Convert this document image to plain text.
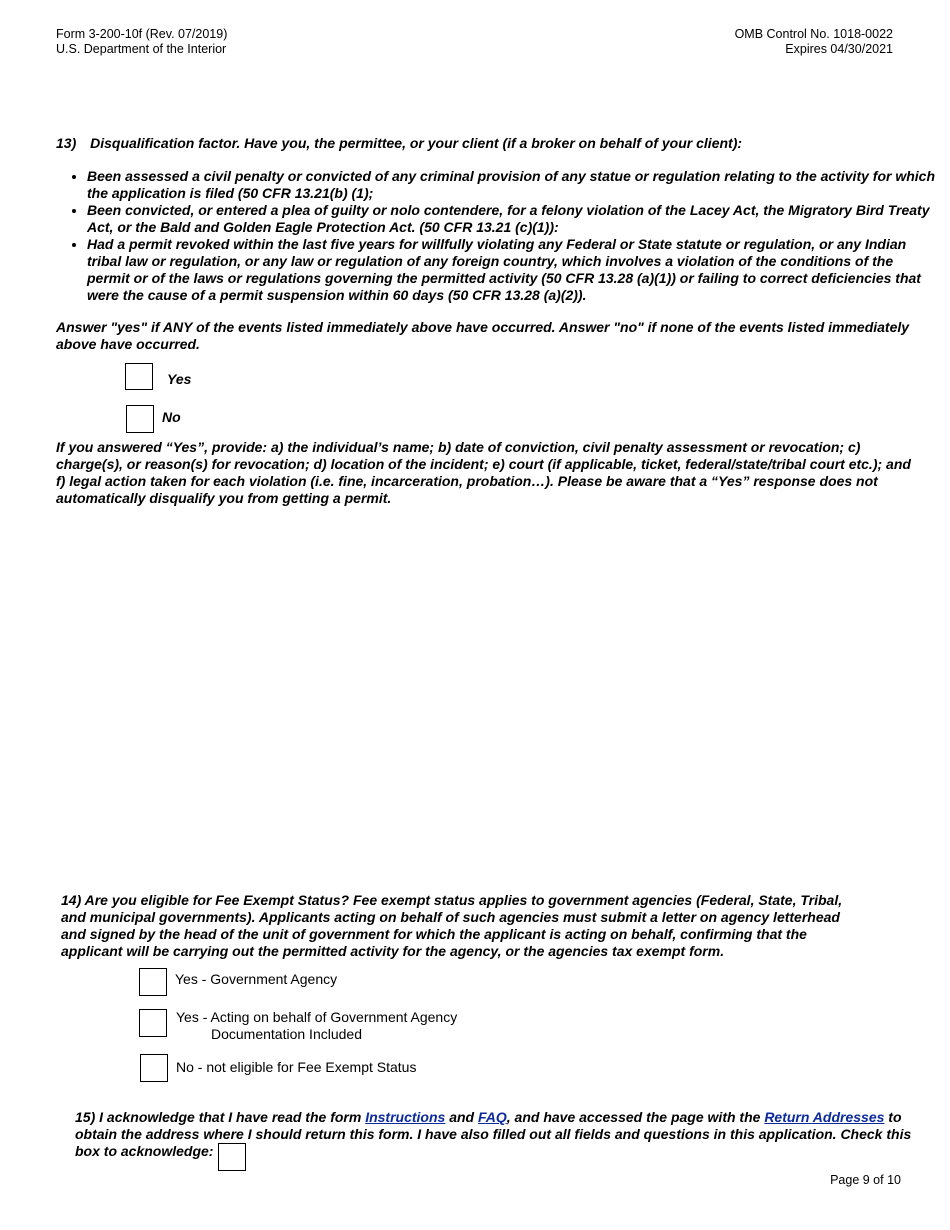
Form 3-200-10f (Rev. 07/2019)
U.S. Department of the Interior
OMB Control No. 1018-0022
Expires 04/30/2021
13) Disqualification factor. Have you, the permittee, or your client (if a broker on behalf of your client):
• Been assessed a civil penalty or convicted of any criminal provision of any statue or regulation relating to the activity for which the application is filed (50 CFR 13.21(b) (1);
• Been convicted, or entered a plea of guilty or nolo contendere, for a felony violation of the Lacey Act, the Migratory Bird Treaty Act, or the Bald and Golden Eagle Protection Act. (50 CFR 13.21 (c)(1)):
• Had a permit revoked within the last five years for willfully violating any Federal or State statute or regulation, or any Indian tribal law or regulation, or any law or regulation of any foreign country, which involves a violation of the conditions of the permit or of the laws or regulations governing the permitted activity (50 CFR 13.28 (a)(1)) or failing to correct deficiencies that were the cause of a permit suspension within 60 days (50 CFR 13.28 (a)(2)).
Answer "yes" if ANY of the events listed immediately above have occurred. Answer "no" if none of the events listed immediately above have occurred.
Yes
No
If you answered “Yes”, provide: a) the individual’s name; b) date of conviction, civil penalty assessment or revocation; c) charge(s), or reason(s) for revocation; d) location of the incident; e) court (if applicable, ticket, federal/state/tribal court etc.); and f) legal action taken for each violation (i.e. fine, incarceration, probation…). Please be aware that a “Yes” response does not automatically disqualify you from getting a permit.
14) Are you eligible for Fee Exempt Status? Fee exempt status applies to government agencies (Federal, State, Tribal, and municipal governments). Applicants acting on behalf of such agencies must submit a letter on agency letterhead and signed by the head of the unit of government for which the applicant is acting on behalf, confirming that the applicant will be carrying out the permitted activity for the agency, or the agencies tax exempt form.
Yes - Government Agency
Yes - Acting on behalf of Government Agency
Documentation Included
No - not eligible for Fee Exempt Status
15) I acknowledge that I have read the form Instructions and FAQ, and have accessed the page with the Return Addresses to obtain the address where I should return this form. I have also filled out all fields and questions in this application. Check this box to acknowledge:
Page 9 of 10
